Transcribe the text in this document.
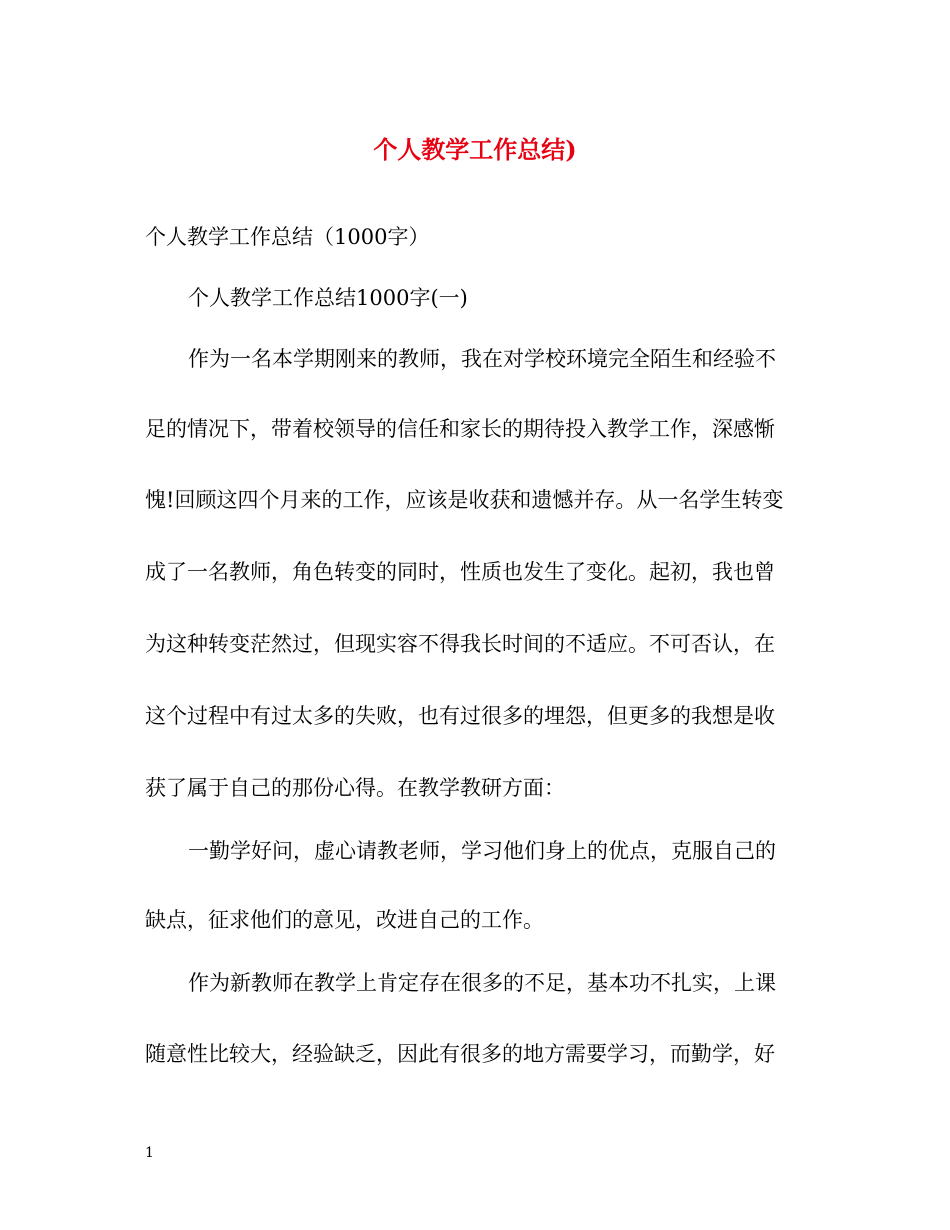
个人教学工作总结)

个人教学工作总结（1000字）

个人教学工作总结1000字(一)

作为一名本学期刚来的教师，我在对学校环境完全陌生和经验不

足的情况下，带着校领导的信任和家长的期待投入教学工作，深感惭

愧!回顾这四个月来的工作，应该是收获和遗憾并存。从一名学生转变

成了一名教师，角色转变的同时，性质也发生了变化。起初，我也曾

为这种转变茫然过，但现实容不得我长时间的不适应。不可否认，在

这个过程中有过太多的失败，也有过很多的埋怨，但更多的我想是收

获了属于自己的那份心得。在教学教研方面：

一勤学好问，虚心请教老师，学习他们身上的优点，克服自己的

缺点，征求他们的意见，改进自己的工作。

作为新教师在教学上肯定存在很多的不足，基本功不扎实，上课

随意性比较大，经验缺乏，因此有很多的地方需要学习，而勤学，好

1
